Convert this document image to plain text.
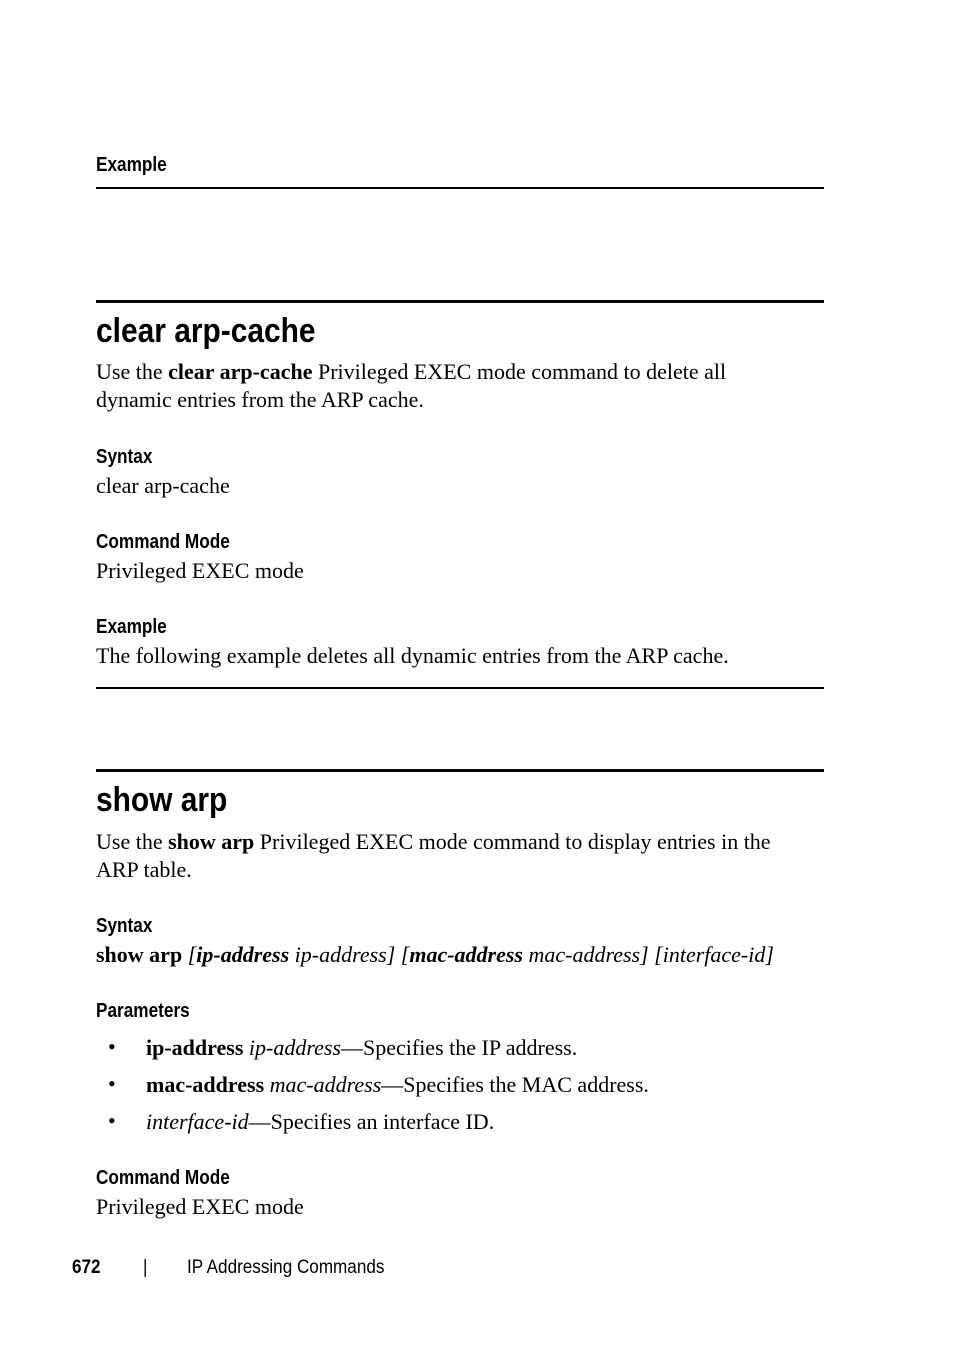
Example
clear arp-cache
Use the clear arp-cache Privileged EXEC mode command to delete all
dynamic entries from the ARP cache.
Syntax
clear arp-cache
Command Mode
Privileged EXEC mode
Example
The following example deletes all dynamic entries from the ARP cache.
show arp
Use the show arp Privileged EXEC mode command to display entries in the
ARP table.
Syntax
show arp [ip-address ip-address] [mac-address mac-address] [interface-id]
Parameters
• ip-address ip-address—Specifies the IP address.
• mac-address mac-address—Specifies the MAC address.
• interface-id—Specifies an interface ID.
Command Mode
Privileged EXEC mode
672 | IP Addressing Commands
